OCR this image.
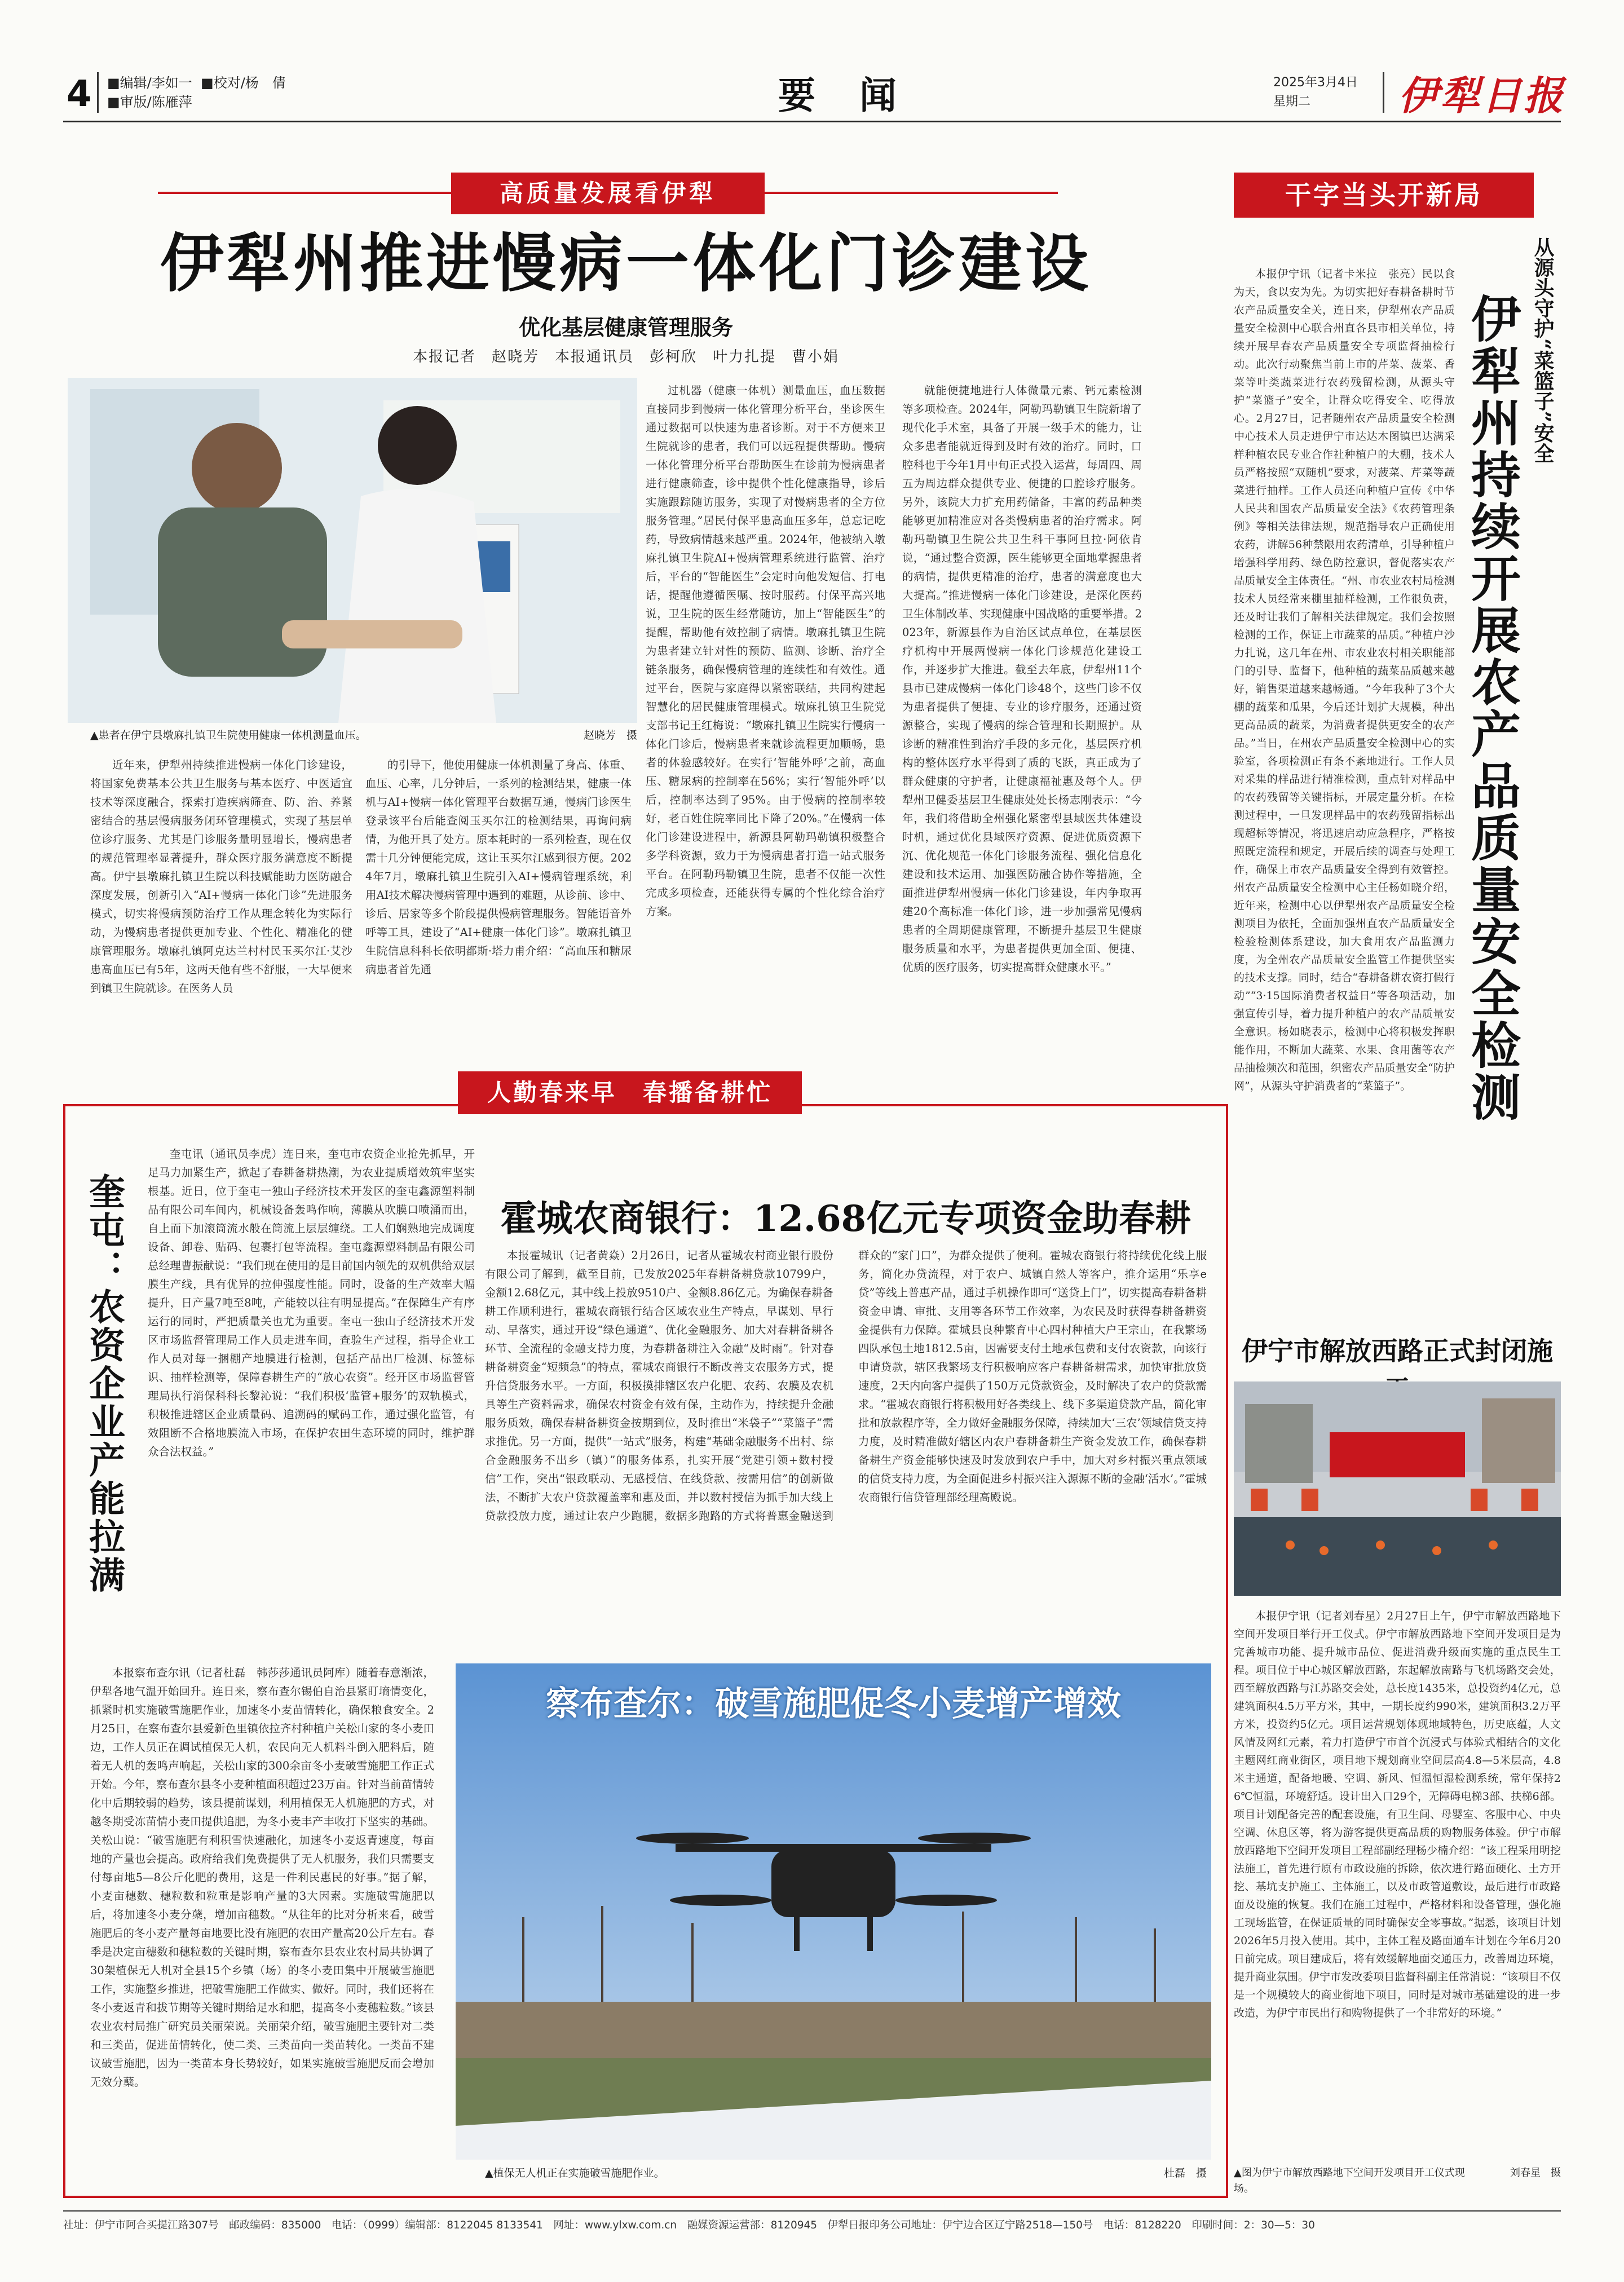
4 ■编辑/李如一 ■校对/杨　倩
■审版/陈雁萍	要　闻	2025年3月4日
星期二	伊犁日报
高质量发展看伊犁
伊犁州推进慢病一体化门诊建设
优化基层健康管理服务
本报记者　赵晓芳　本报通讯员　彭柯欣　叶力扎提　曹小娟
▲患者在伊宁县墩麻扎镇卫生院使用健康一体机测量血压。	赵晓芳　摄

近年来，伊犁州持续推进慢病一体化门诊建设，将国家免费基本公共卫生服务与基本医疗、中医适宜技术等深度融合，探索打造疾病筛查、防、治、养紧密结合的基层慢病服务闭环管理模式，实现了基层单位诊疗服务、尤其是门诊服务量明显增长，慢病患者的规范管理率显著提升，群众医疗服务满意度不断提高。伊宁县墩麻扎镇卫生院以科技赋能助力医防融合深度发展，创新引入“AI+慢病一体化门诊”先进服务模式，切实将慢病预防治疗工作从理念转化为实际行动，为慢病患者提供更加专业、个性化、精准化的健康管理服务。墩麻扎镇阿克达兰村村民玉买尔江·艾沙患高血压已有5年，这两天他有些不舒服，一大早便来到镇卫生院就诊。在医务人员

的引导下，他使用健康一体机测量了身高、体重、血压、心率，几分钟后，一系列的检测结果，健康一体机与AI+慢病一体化管理平台数据互通，慢病门诊医生登录该平台后能查阅玉买尔江的检测结果，再询问病情，为他开具了处方。原本耗时的一系列检查，现在仅需十几分钟便能完成，这让玉买尔江感到很方便。2024年7月，墩麻扎镇卫生院引入AI+慢病管理系统，利用AI技术解决慢病管理中遇到的难题，从诊前、诊中、诊后、居家等多个阶段提供慢病管理服务。智能语音外呼等工具，建设了“AI+健康一体化门诊”。墩麻扎镇卫生院信息科科长依明都斯·塔力甫介绍：“高血压和糖尿病患者首先通

过机器（健康一体机）测量血压，血压数据直接同步到慢病一体化管理分析平台，坐诊医生通过数据可以快速为患者诊断。对于不方便来卫生院就诊的患者，我们可以远程提供帮助。慢病一体化管理分析平台帮助医生在诊前为慢病患者进行健康筛查，诊中提供个性化健康指导，诊后实施跟踪随访服务，实现了对慢病患者的全方位服务管理。”居民付保平患高血压多年，总忘记吃药，导致病情越来越严重。2024年，他被纳入墩麻扎镇卫生院AI+慢病管理系统进行监管、治疗后，平台的“智能医生”会定时向他发短信、打电话，提醒他遵循医嘱、按时服药。付保平高兴地说，卫生院的医生经常随访，加上“智能医生”的提醒，帮助他有效控制了病情。墩麻扎镇卫生院为患者建立针对性的预防、监测、诊断、治疗全链条服务，确保慢病管理的连续性和有效性。通过平台，医院与家庭得以紧密联结，共同构建起智慧化的居民健康管理模式。墩麻扎镇卫生院党支部书记王红梅说：“墩麻扎镇卫生院实行慢病一体化门诊后，慢病患者来就诊流程更加顺畅，患者的体验感较好。在实行‘智能外呼’之前，高血压、糖尿病的控制率在56%；实行‘智能外呼’以后，控制率达到了95%。由于慢病的控制率较好，老百姓住院率同比下降了20%。”在慢病一体化门诊建设进程中，新源县阿勒玛勒镇积极整合多学科资源，致力于为慢病患者打造一站式服务平台。在阿勒玛勒镇卫生院，患者不仅能一次性完成多项检查，还能获得专属的个性化综合治疗方案。

就能便捷地进行人体微量元素、钙元素检测等多项检查。2024年，阿勒玛勒镇卫生院新增了现代化手术室，具备了开展一级手术的能力，让众多患者能就近得到及时有效的治疗。同时，口腔科也于今年1月中旬正式投入运营，每周四、周五为周边群众提供专业、便捷的口腔诊疗服务。另外，该院大力扩充用药储备，丰富的药品种类能够更加精准应对各类慢病患者的治疗需求。阿勒玛勒镇卫生院公共卫生科干事阿旦拉·阿依肯说，“通过整合资源，医生能够更全面地掌握患者的病情，提供更精准的治疗，患者的满意度也大大提高。”推进慢病一体化门诊建设，是深化医药卫生体制改革、实现健康中国战略的重要举措。2023年，新源县作为自治区试点单位，在基层医疗机构中开展两慢病一体化门诊规范化建设工作，并逐步扩大推进。截至去年底，伊犁州11个县市已建成慢病一体化门诊48个，这些门诊不仅为患者提供了便捷、专业的诊疗服务，还通过资源整合，实现了慢病的综合管理和长期照护。从诊断的精准性到治疗手段的多元化，基层医疗机构的整体医疗水平得到了质的飞跃，真正成为了群众健康的守护者，让健康福祉惠及每个人。伊犁州卫健委基层卫生健康处处长杨志刚表示：“今年，我们将借助全州强化紧密型县域医共体建设时机，通过优化县域医疗资源、促进优质资源下沉、优化规范一体化门诊服务流程、强化信息化建设和技术运用、加强医防融合协作等措施，全面推进伊犁州慢病一体化门诊建设，年内争取再建20个高标准一体化门诊，进一步加强常见慢病患者的全周期健康管理，不断提升基层卫生健康服务质量和水平，为患者提供更加全面、便捷、优质的医疗服务，切实提高群众健康水平。”

人勤春来早　春播备耕忙
奎屯：农资企业产能拉满

奎屯讯（通讯员李虎）连日来，奎屯市农资企业抢先抓早，开足马力加紧生产，掀起了春耕备耕热潮，为农业提质增效筑牢坚实根基。近日，位于奎屯一独山子经济技术开发区的奎屯鑫源塑料制品有限公司车间内，机械设备轰鸣作响，薄膜从吹膜口喷涌而出，自上而下加滚筒流水般在筒流上层层缠绕。工人们娴熟地完成调度设备、卸卷、贴码、包裹打包等流程。奎屯鑫源塑料制品有限公司总经理曹振献说：“我们现在使用的是目前国内领先的双机供给双层膜生产线，具有优异的拉伸强度性能。同时，设备的生产效率大幅提升，日产量7吨至8吨，产能较以往有明显提高。”在保障生产有序运行的同时，严把质量关也尤为重要。奎屯一独山子经济技术开发区市场监督管理局工作人员走进车间，查验生产过程，指导企业工作人员对每一捆棚产地膜进行检测，包括产品出厂检测、标签标识、抽样检测等，保障春耕生产的“放心农资”。经开区市场监督管理局执行消保科科长黎沁说：“我们积极‘监管+服务’的双轨模式，积极推进辖区企业质量码、追溯码的赋码工作，通过强化监管，有效阻断不合格地膜流入市场，在保护农田生态环境的同时，维护群众合法权益。”

霍城农商银行：12.68亿元专项资金助春耕

本报霍城讯（记者黄焱）2月26日，记者从霍城农村商业银行股份有限公司了解到，截至目前，已发放2025年春耕备耕贷款10799户，金额12.68亿元，其中线上投放9510户、金额8.86亿元。为确保春耕备耕工作顺利进行，霍城农商银行结合区域农业生产特点，早谋划、早行动、早落实，通过开设“绿色通道”、优化金融服务、加大对春耕备耕各环节、全流程的金融支持力度，为春耕备耕注入金融“及时雨”。针对春耕备耕资金“短频急”的特点，霍城农商银行不断改善支农服务方式，提升信贷服务水平。一方面，积极摸排辖区农户化肥、农药、农膜及农机具等生产资料需求，确保农村资金有效有保，主动作为，持续提升金融服务质效，确保春耕备耕资金按期到位，及时推出“米袋子”“菜篮子”需求推优。另一方面，提供“一站式”服务，构建“基础金融服务不出村、综合金融服务不出乡（镇）”的服务体系，扎实开展“党建引领+数村授信”工作，突出“银政联动、无感授信、在线贷款、按需用信”的创新做法，不断扩大农户贷款覆盖率和惠及面，并以数村授信为抓手加大线上贷款投放力度，通过让农户少跑腿，数据多跑路的方式将普惠金融送到群众的“家门口”，为群众提供了便利。霍城农商银行将持续优化线上服务，简化办贷流程，对于农户、城镇自然人等客户，推介运用“乐享e贷”等线上普惠产品，通过手机操作即可“送贷上门”，切实提高春耕备耕资金申请、审批、支用等各环节工作效率，为农民及时获得春耕备耕资金提供有力保障。霍城县良种繁育中心四村种植大户王宗山，在我繁场四队承包土地1812.5亩，因需要支付土地承包费和支付农资款，向该行申请贷款，辖区我繁场支行积极响应客户春耕备耕需求，加快审批放贷速度，2天内向客户提供了150万元贷款资金，及时解决了农户的贷款需求。“霍城农商银行将积极用好各类线上、线下多渠道贷款产品，简化审批和放款程序等，全力做好金融服务保障，持续加大‘三农’领域信贷支持力度，及时精准做好辖区内农户春耕备耕生产资金发放工作，确保春耕备耕生产资金能够快速及时发放到农户手中，加大对乡村振兴重点领域的信贷支持力度，为全面促进乡村振兴注入源源不断的金融‘活水’。”霍城农商银行信贷管理部经理高殿说。

本报察布查尔讯（记者杜磊　韩莎莎通讯员阿库）随着春意渐浓，伊犁各地气温开始回升。连日来，察布查尔锡伯自治县紧盯墒情变化，抓紧时机实施破雪施肥作业，加速冬小麦苗情转化，确保粮食安全。2月25日，在察布查尔县爱新色里镇依拉齐村种植户关松山家的冬小麦田边，工作人员正在调试植保无人机，农民向无人机料斗倒入肥料后，随着无人机的轰鸣声响起，关松山家的300余亩冬小麦破雪施肥工作正式开始。今年，察布查尔县冬小麦种植面积超过23万亩。针对当前苗情转化中后期较弱的趋势，该县提前谋划，利用植保无人机施肥的方式，对越冬期受冻苗情小麦田提供追肥，为冬小麦丰产丰收打下坚实的基础。关松山说：“破雪施肥有利积雪快速融化，加速冬小麦返青速度，每亩地的产量也会提高。政府给我们免费提供了无人机服务，我们只需要支付每亩地5—8公斤化肥的费用，这是一件利民惠民的好事。”据了解，小麦亩穗数、穗粒数和粒重是影响产量的3大因素。实施破雪施肥以后，将加速冬小麦分蘖，增加亩穗数。“从往年的比对分析来看，破雪施肥后的冬小麦产量每亩地要比没有施肥的农田产量高20公斤左右。春季是决定亩穗数和穗粒数的关键时期，察布查尔县农业农村局共协调了30架植保无人机对全县15个乡镇（场）的冬小麦田集中开展破雪施肥工作，实施整乡推进，把破雪施肥工作做实、做好。同时，我们还将在冬小麦返青和拔节期等关键时期给足水和肥，提高冬小麦穗粒数。”该县农业农村局推广研究员关丽荣说。关丽荣介绍，破雪施肥主要针对二类和三类苗，促进苗情转化，使二类、三类苗向一类苗转化。一类苗不建议破雪施肥，因为一类苗本身长势较好，如果实施破雪施肥反而会增加无效分蘖。

察布查尔：破雪施肥促冬小麦增产增效
▲植保无人机正在实施破雪施肥作业。	杜磊　摄
干字当头开新局
从源头守护“菜篮子”安全
伊犁州持续开展农产品质量安全检测

本报伊宁讯（记者卡米拉　张亮）民以食为天，食以安为先。为切实把好春耕备耕时节农产品质量安全关，连日来，伊犁州农产品质量安全检测中心联合州直各县市相关单位，持续开展早春农产品质量安全专项监督抽检行动。此次行动聚焦当前上市的芹菜、菠菜、香菜等叶类蔬菜进行农药残留检测，从源头守护“菜篮子”安全，让群众吃得安全、吃得放心。2月27日，记者随州农产品质量安全检测中心技术人员走进伊宁市达达木图镇巴达满采样种植农民专业合作社种植户的大棚，技术人员严格按照“双随机”要求，对菠菜、芹菜等蔬菜进行抽样。工作人员还向种植户宣传《中华人民共和国农产品质量安全法》《农药管理条例》等相关法律法规，规范指导农户正确使用农药，讲解56种禁限用农药清单，引导种植户增强科学用药、绿色防控意识，督促落实农产品质量安全主体责任。“州、市农业农村局检测技术人员经常来棚里抽样检测，工作很负责，还及时让我们了解相关法律规定。我们会按照检测的工作，保证上市蔬菜的品质。”种植户沙力扎说，这几年在州、市农业农村相关职能部门的引导、监督下，他种植的蔬菜品质越来越好，销售渠道越来越畅通。“今年我种了3个大棚的蔬菜和瓜果，今后还计划扩大规模，种出更高品质的蔬菜，为消费者提供更安全的农产品。”当日，在州农产品质量安全检测中心的实验室，各项检测正有条不紊地进行。工作人员对采集的样品进行精准检测，重点针对样品中的农药残留等关键指标，开展定量分析。在检测过程中，一旦发现样品中的农药残留指标出现超标等情况，将迅速启动应急程序，严格按照既定流程和规定，开展后续的调查与处理工作，确保上市农产品质量安全得到有效管控。州农产品质量安全检测中心主任杨如晓介绍，近年来，检测中心以伊犁州农产品质量安全检测项目为依托，全面加强州直农产品质量安全检验检测体系建设，加大食用农产品监测力度，为全州农产品质量安全监管工作提供坚实的技术支撑。同时，结合“春耕备耕农资打假行动”“3·15国际消费者权益日”等各项活动，加强宣传引导，着力提升种植户的农产品质量安全意识。杨如晓表示，检测中心将积极发挥职能作用，不断加大蔬菜、水果、食用菌等农产品抽检频次和范围，织密农产品质量安全“防护网”，从源头守护消费者的“菜篮子”。

伊宁市解放西路正式封闭施

本报伊宁讯（记者刘春星）2月27日上午，伊宁市解放西路地下空间开发项目举行开工仪式。伊宁市解放西路地下空间开发项目是为完善城市功能、提升城市品位、促进消费升级而实施的重点民生工程。项目位于中心城区解放西路，东起解放南路与飞机场路交会处，西至解放西路与江苏路交会处，总长度1435米，总投资约4亿元，总建筑面积4.5万平方米，其中，一期长度约990米，建筑面积3.2万平方米，投资约5亿元。项目运营规划体现地域特色，历史底蕴，人文风情及网红元素，着力打造伊宁市首个沉浸式与体验式相结合的文化主题网红商业街区，项目地下规划商业空间层高4.8—5米层高，4.8米主通道，配备地暖、空调、新风、恒温恒湿检测系统，常年保持26℃恒温，环境舒适。设计出入口29个，无障碍电梯3部、扶梯6部。项目计划配备完善的配套设施，有卫生间、母婴室、客服中心、中央空调、休息区等，将为游客提供更高品质的购物服务体验。伊宁市解放西路地下空间开发项目工程部副经理杨少楠介绍：“该工程采用明挖法施工，首先进行原有市政设施的拆除，依次进行路面硬化、土方开挖、基坑支护施工、主体施工，以及市政管道敷设，最后进行市政路面及设施的恢复。我们在施工过程中，严格材料和设备管理，强化施工现场监管，在保证质量的同时确保安全零事故。”据悉，该项目计划2026年5月投入使用。其中，主体工程及路面通车计划在今年6月20日前完成。项目建成后，将有效缓解地面交通压力，改善周边环境，提升商业氛围。伊宁市发改委项目监督科副主任常消说：“该项目不仅是一个规模较大的商业街地下项目，同时是对城市基础建设的进一步改造，为伊宁市民出行和购物提供了一个非常好的环境。”

▲图为伊宁市解放西路地下空间开发项目开工仪式现场。
刘春星　摄
社址：伊宁市阿合买提江路307号　邮政编码：835000　电话：（0999）编辑部：8122045 8133541　网址：www.ylxw.com.cn　融媒资源运营部：8120945　伊犁日报印务公司地址：伊宁边合区辽宁路2518—150号　电话：8128220　印刷时间：2：30—5：30
